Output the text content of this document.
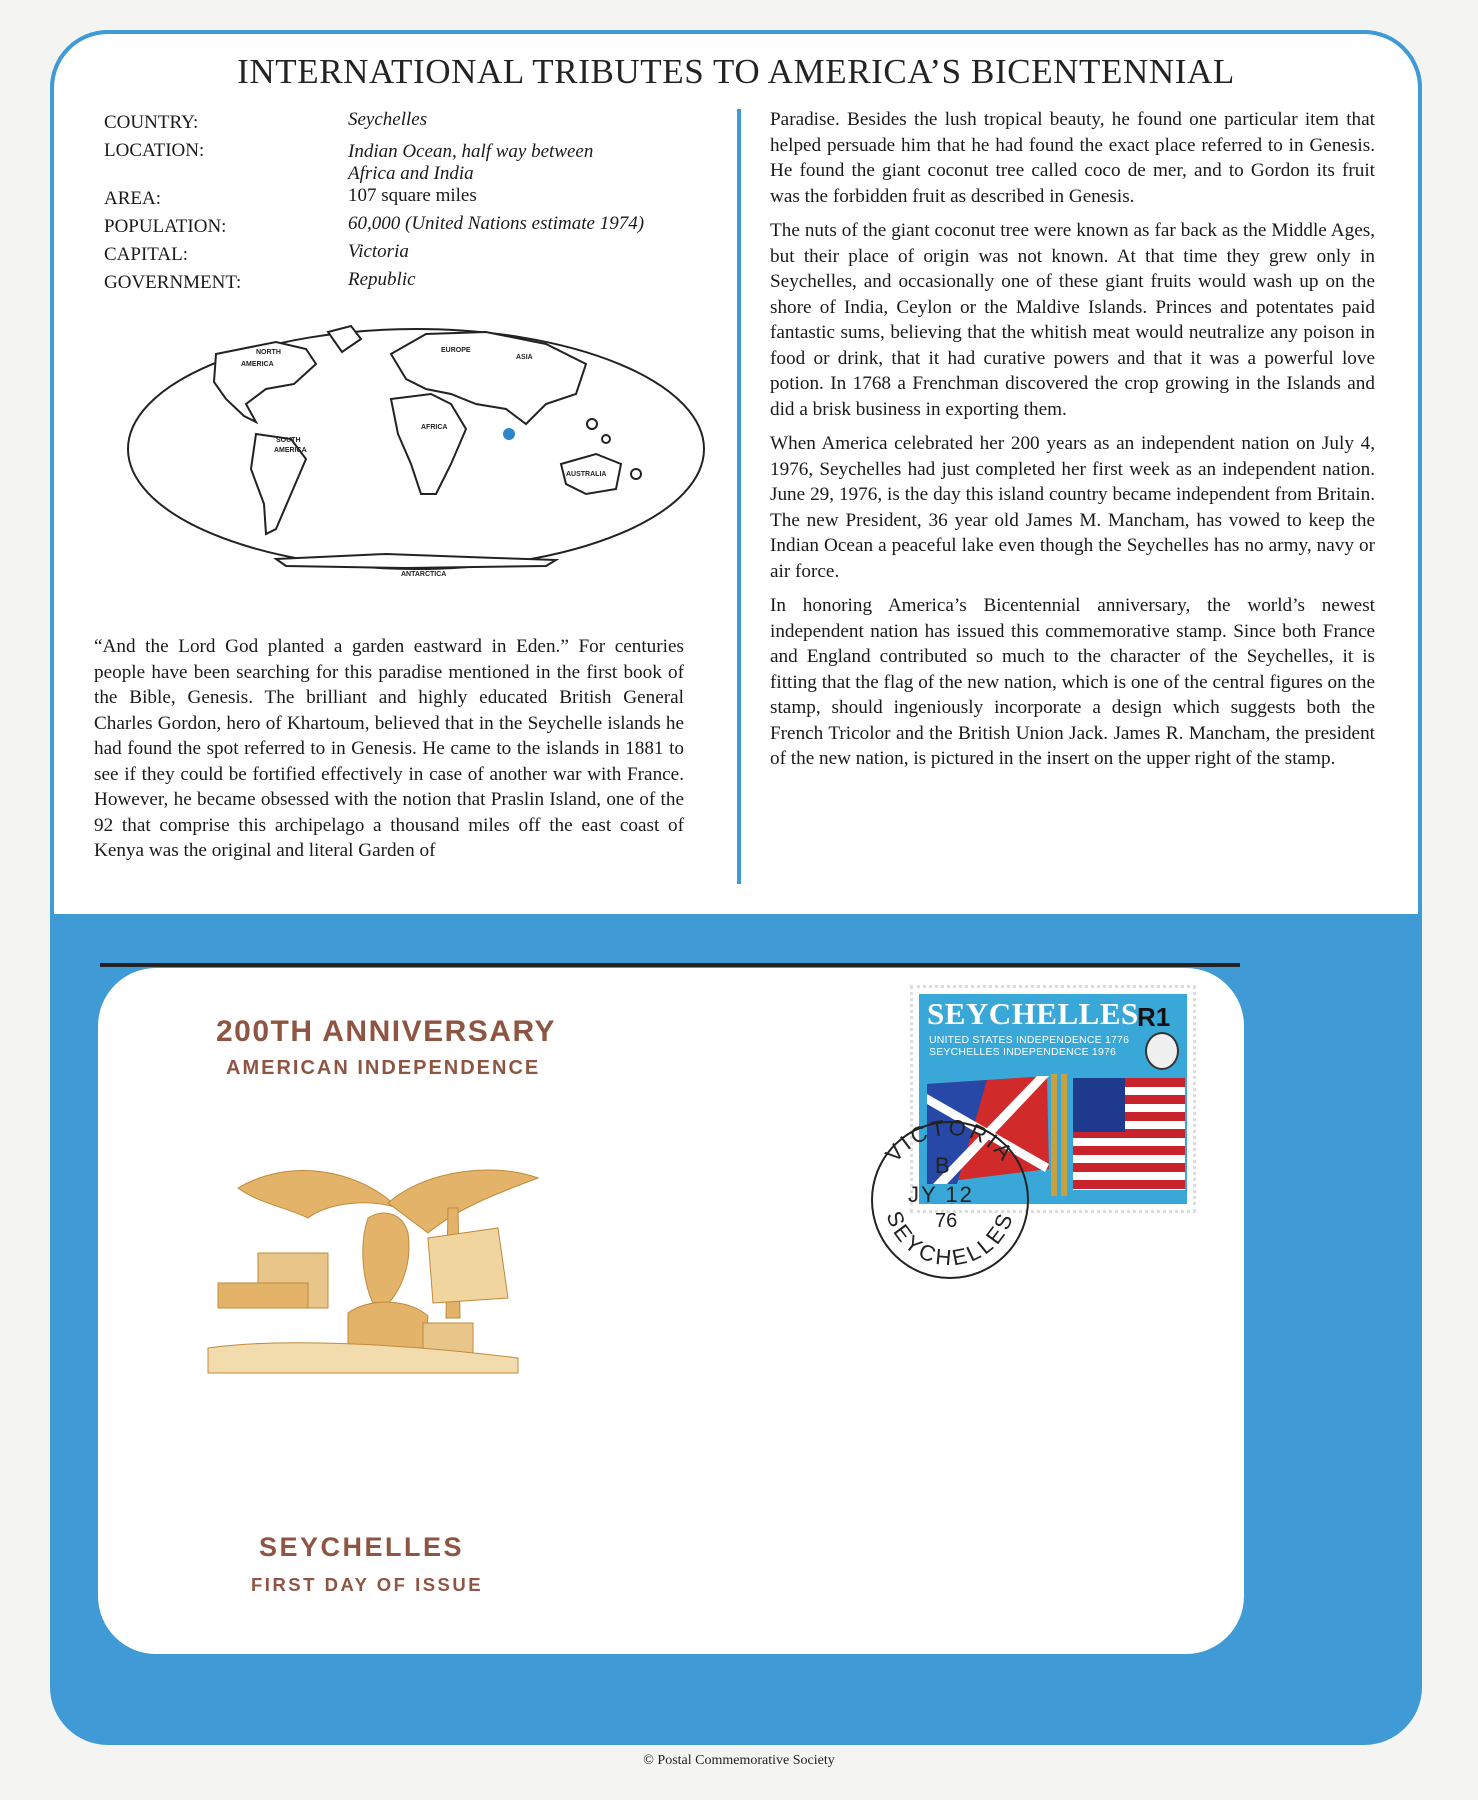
INTERNATIONAL TRIBUTES TO AMERICA’S BICENTENNIAL
COUNTRY:	Seychelles
LOCATION:	Indian Ocean, half way between Africa and India
AREA:	107 square miles
POPULATION:	60,000 (United Nations estimate 1974)
CAPITAL:	Victoria
GOVERNMENT:	Republic
NORTH
AMERICA
SOUTH
AMERICA
EUROPE
ASIA
AFRICA
AUSTRALIA
ANTARCTICA

“And the Lord God planted a garden eastward in Eden.” For centuries people have been searching for this paradise mentioned in the first book of the Bible, Genesis. The brilliant and highly educated British General Charles Gordon, hero of Khartoum, believed that in the Seychelle islands he had found the spot referred to in Genesis. He came to the islands in 1881 to see if they could be fortified effectively in case of another war with France. However, he became obsessed with the notion that Praslin Island, one of the 92 that comprise this archipelago a thousand miles off the east coast of Kenya was the original and literal Garden of

Paradise. Besides the lush tropical beauty, he found one particular item that helped persuade him that he had found the exact place referred to in Genesis. He found the giant coconut tree called coco de mer, and to Gordon its fruit was the forbidden fruit as described in Genesis.

The nuts of the giant coconut tree were known as far back as the Middle Ages, but their place of origin was not known. At that time they grew only in Seychelles, and occasionally one of these giant fruits would wash up on the shore of India, Ceylon or the Maldive Islands. Princes and potentates paid fantastic sums, believing that the whitish meat would neutralize any poison in food or drink, that it had curative powers and that it was a powerful love potion. In 1768 a Frenchman discovered the crop growing in the Islands and did a brisk business in exporting them.

When America celebrated her 200 years as an independent nation on July 4, 1976, Seychelles had just completed her first week as an independent nation. June 29, 1976, is the day this island country became independent from Britain. The new President, 36 year old James M. Mancham, has vowed to keep the Indian Ocean a peaceful lake even though the Seychelles has no army, navy or air force.

In honoring America’s Bicentennial anniversary, the world’s newest independent nation has issued this commemorative stamp. Since both France and England contributed so much to the character of the Seychelles, it is fitting that the flag of the new nation, which is one of the central figures on the stamp, should ingeniously incorporate a design which suggests both the French Tricolor and the British Union Jack. James R. Mancham, the president of the new nation, is pictured in the insert on the upper right of the stamp.

200TH ANNIVERSARY
AMERICAN INDEPENDENCE
SEYCHELLES
FIRST DAY OF ISSUE
SEYCHELLES
R1
UNITED STATES INDEPENDENCE 1776
SEYCHELLES INDEPENDENCE 1976
VICTORIA
SEYCHELLES
B
JY 12
76
© Postal Commemorative Society
